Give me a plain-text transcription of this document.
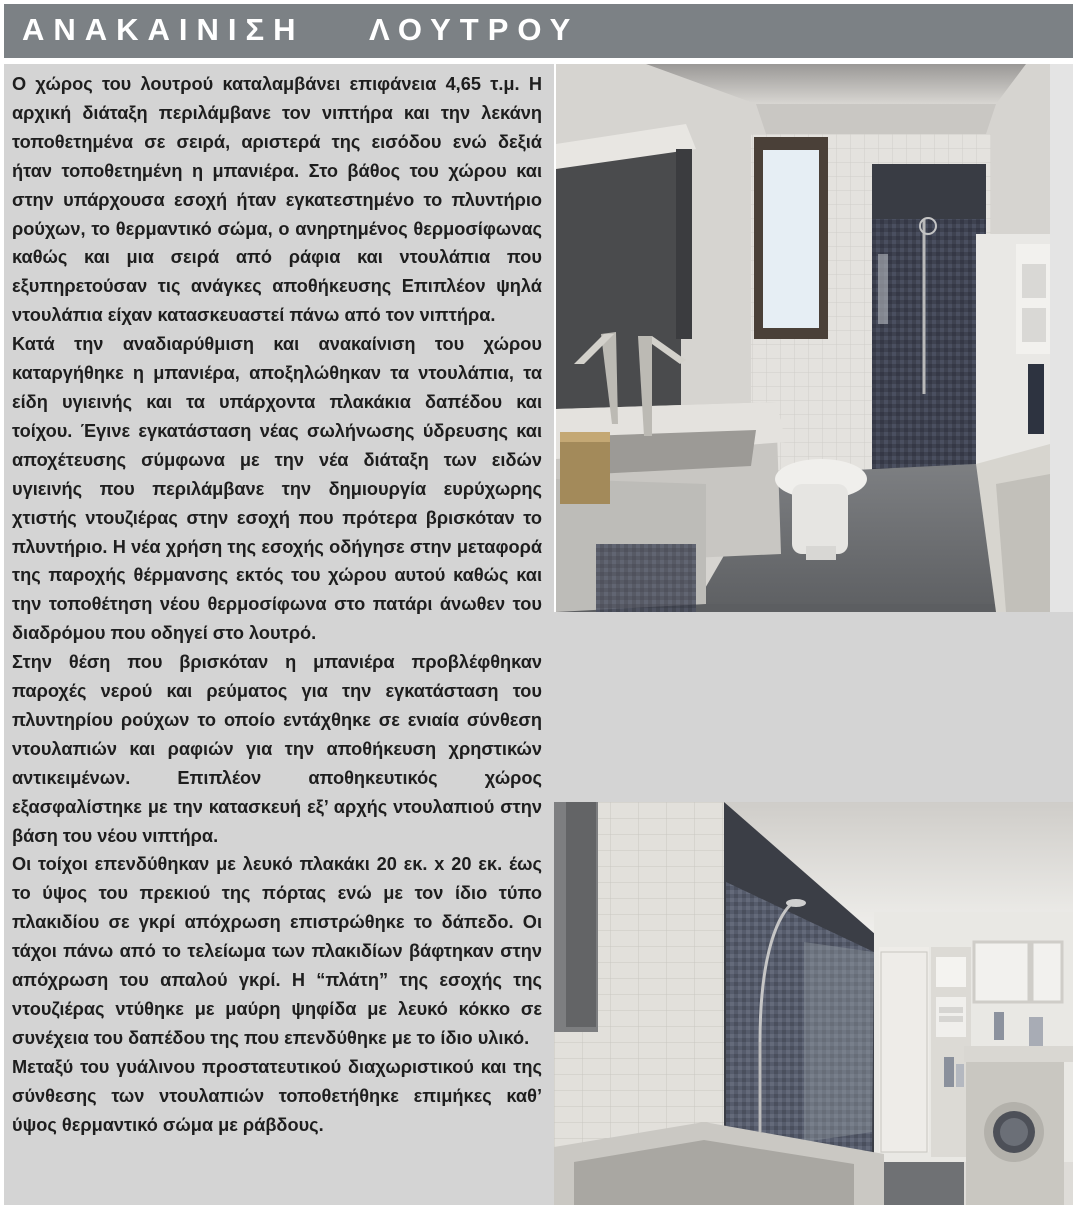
ΑΝΑΚΑΙΝΙΣΗ ΛΟΥΤΡΟΥ

Ο χώρος του λουτρού καταλαμβάνει επιφάνεια 4,65 τ.μ. Η αρχική διάταξη περιλάμβανε τον νιπτήρα και την λεκάνη τοποθετημένα σε σειρά, αριστερά της εισόδου ενώ δεξιά ήταν τοποθετημένη η μπανιέρα. Στο βάθος του χώρου και στην υπάρχουσα εσοχή ήταν εγκατεστημένο το πλυντήριο ρούχων, το θερμαντικό σώμα, ο ανηρτημένος θερμοσίφωνας καθώς και μια σειρά από ράφια και ντουλάπια που εξυπηρετούσαν τις ανάγκες αποθήκευσης Επιπλέον ψηλά ντουλάπια είχαν κατασκευαστεί πάνω από τον νιπτήρα.

Κατά την αναδιαρύθμιση και ανακαίνιση του χώρου καταργήθηκε η μπανιέρα, αποξηλώθηκαν τα ντουλάπια, τα είδη υγιεινής και τα υπάρχοντα πλακάκια δαπέδου και τοίχου. Έγινε εγκατάσταση νέας σωλήνωσης ύδρευσης και αποχέτευσης σύμφωνα με την νέα διάταξη των ειδών υγιεινής που περιλάμβανε την δημιουργία ευρύχωρης χτιστής ντουζιέρας στην εσοχή που πρότερα βρισκόταν το πλυντήριο. Η νέα χρήση της εσοχής οδήγησε στην μεταφορά της παροχής θέρμανσης εκτός του χώρου αυτού καθώς και την τοποθέτηση νέου θερμοσίφωνα στο πατάρι άνωθεν του διαδρόμου που οδηγεί στο λουτρό.

Στην θέση που βρισκόταν η μπανιέρα προβλέφθηκαν παροχές νερού και ρεύματος για την εγκατάσταση του πλυντηρίου ρούχων το οποίο εντάχθηκε σε ενιαία σύνθεση ντουλαπιών και ραφιών για την αποθήκευση χρηστικών αντικειμένων. Επιπλέον αποθηκευτικός χώρος εξασφαλίστηκε με την κατασκευή εξ’ αρχής ντουλαπιού στην βάση του νέου νιπτήρα.

Οι τοίχοι επενδύθηκαν με λευκό πλακάκι 20 εκ. x 20 εκ. έως το ύψος του πρεκιού της πόρτας ενώ με τον ίδιο τύπο πλακιδίου σε γκρί απόχρωση επιστρώθηκε το δάπεδο. Οι τάχοι πάνω από το τελείωμα των πλακιδίων βάφτηκαν στην απόχρωση του απαλού γκρί. Η “πλάτη” της εσοχής της ντουζιέρας ντύθηκε με μαύρη ψηφίδα με λευκό κόκκο σε συνέχεια του δαπέδου της που επενδύθηκε με το ίδιο υλικό.

Μεταξύ του γυάλινου προστατευτικού διαχωριστικού και της σύνθεσης των ντουλαπιών τοποθετήθηκε επιμήκες καθ’ ύψος θερμαντικό σώμα με ράβδους.
